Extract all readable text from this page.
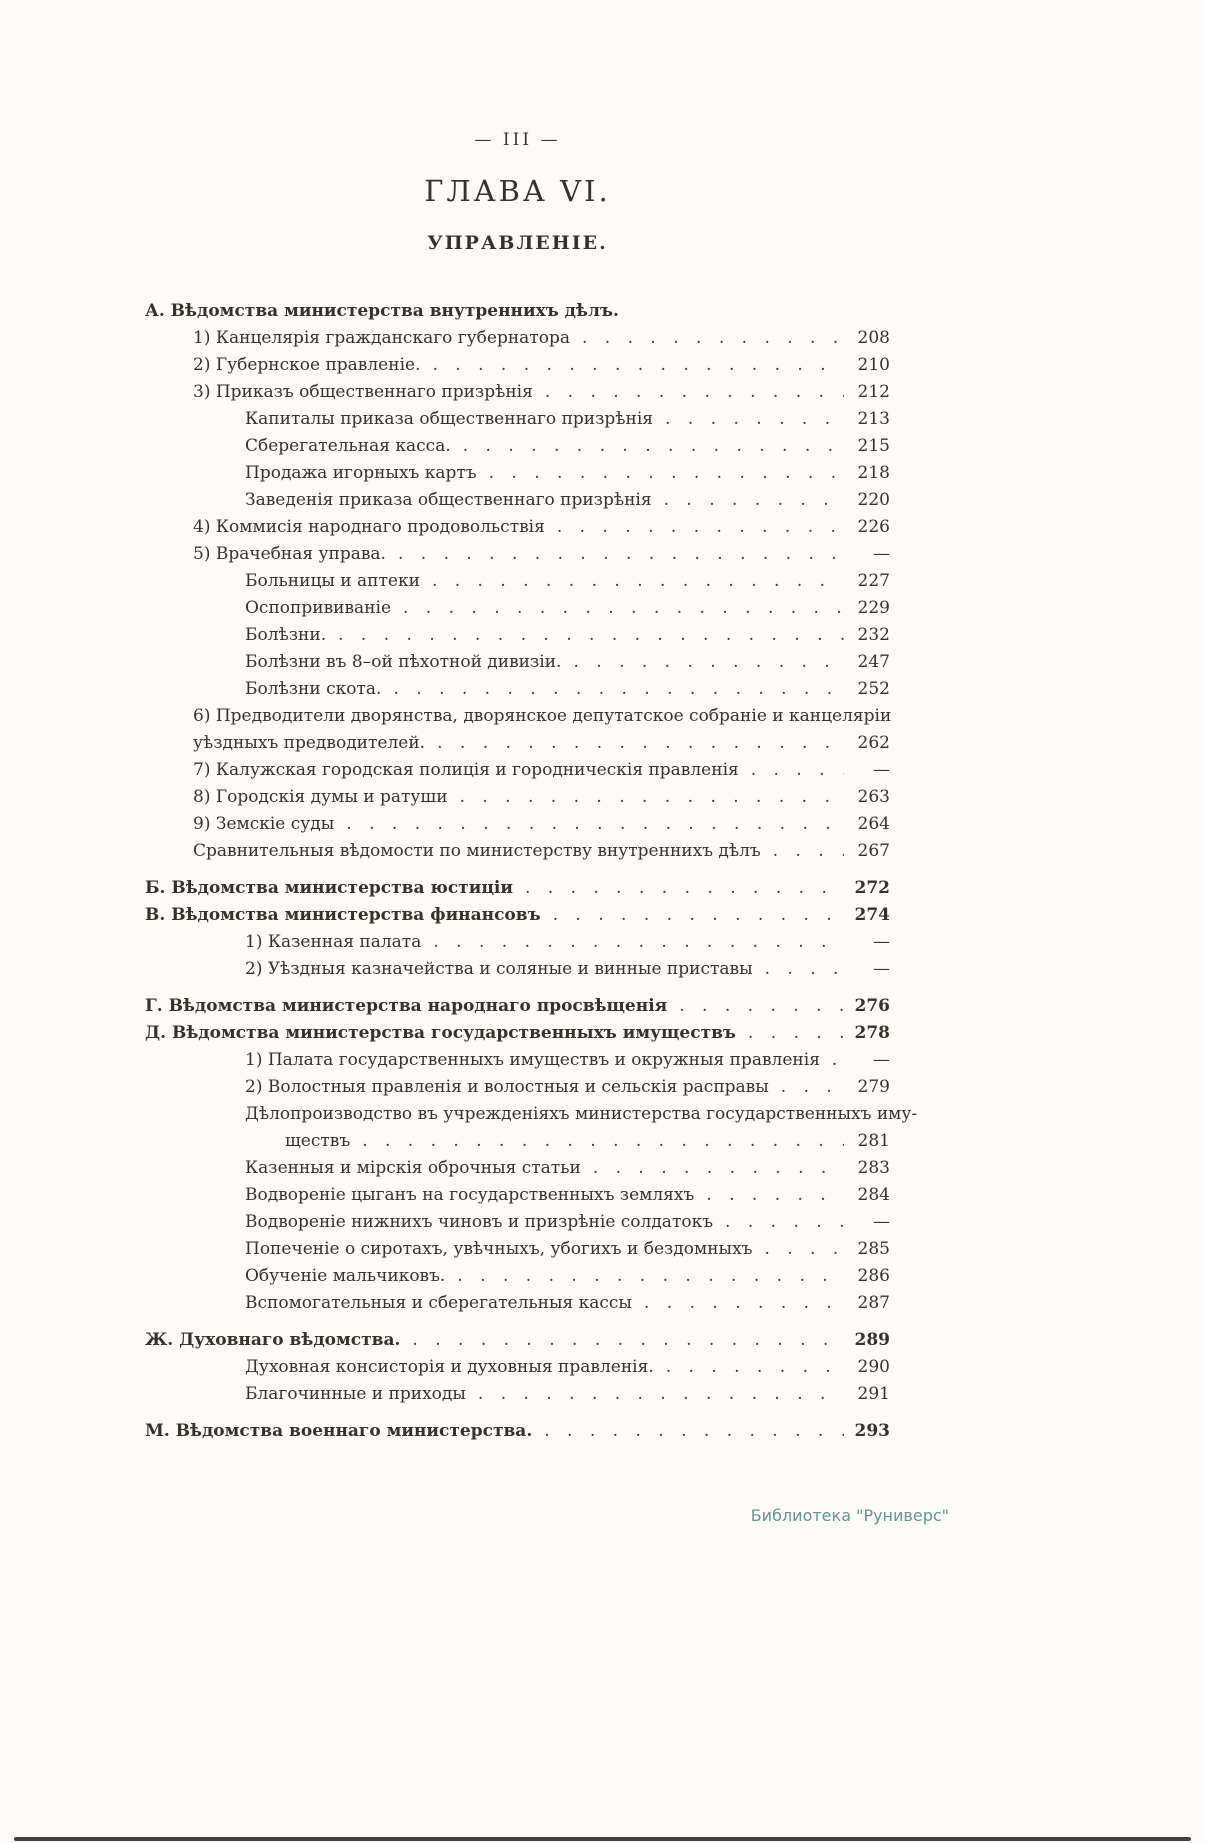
— III —
ГЛАВА VI.
УПРАВЛЕНІЕ.
А. Вѣдомства министерства внутреннихъ дѣлъ.
1) Канцелярія гражданскаго губернатора . .	208
2) Губернское правленіе. . .	210
3) Приказъ общественнаго призрѣнія . .	212
Капиталы приказа общественнаго призрѣнія . .	213
Сберегательная касса. . .	215
Продажа игорныхъ картъ . .	218
Заведенія приказа общественнаго призрѣнія . .	220
4) Коммисія народнаго продовольствія . .	226
5) Врачебная управа. . .	—
Больницы и аптеки . .	227
Оспопрививаніе . .	229
Болѣзни. . .	232
Болѣзни въ 8–ой пѣхотной дивизіи. . .	247
Болѣзни скота. . .	252
6) Предводители дворянства, дворянское депутатское собраніе и канцеляріи
уѣздныхъ предводителей. . .	262
7) Калужская городская полиція и городническія правленія . .	—
8) Городскія думы и ратуши . .	263
9) Земскіе суды . .	264
Сравнительныя вѣдомости по министерству внутреннихъ дѣлъ . .	267
Б. Вѣдомства министерства юстиціи . .	272
В. Вѣдомства министерства финансовъ . .	274
1) Казенная палата . .	—
2) Уѣздныя казначейства и соляные и винные приставы . .	—
Г. Вѣдомства министерства народнаго просвѣщенія . .	276
Д. Вѣдомства министерства государственныхъ имуществъ . .	278
1) Палата государственныхъ имуществъ и окружныя правленія . .	—
2) Волостныя правленія и волостныя и сельскія расправы . .	279
Дѣлопроизводство въ учрежденіяхъ министерства государственныхъ иму-
ществъ . .	281
Казенныя и мірскія оброчныя статьи . .	283
Водвореніе цыганъ на государственныхъ земляхъ . .	284
Водвореніе нижнихъ чиновъ и призрѣніе солдатокъ . .	—
Попеченіе о сиротахъ, увѣчныхъ, убогихъ и бездомныхъ . .	285
Обученіе мальчиковъ. . .	286
Вспомогательныя и сберегательныя кассы . .	287
Ж. Духовнаго вѣдомства. . .	289
Духовная консисторія и духовныя правленія. . .	290
Благочинные и приходы . .	291
М. Вѣдомства военнаго министерства. . .	293
Библиотека "Руниверс"
